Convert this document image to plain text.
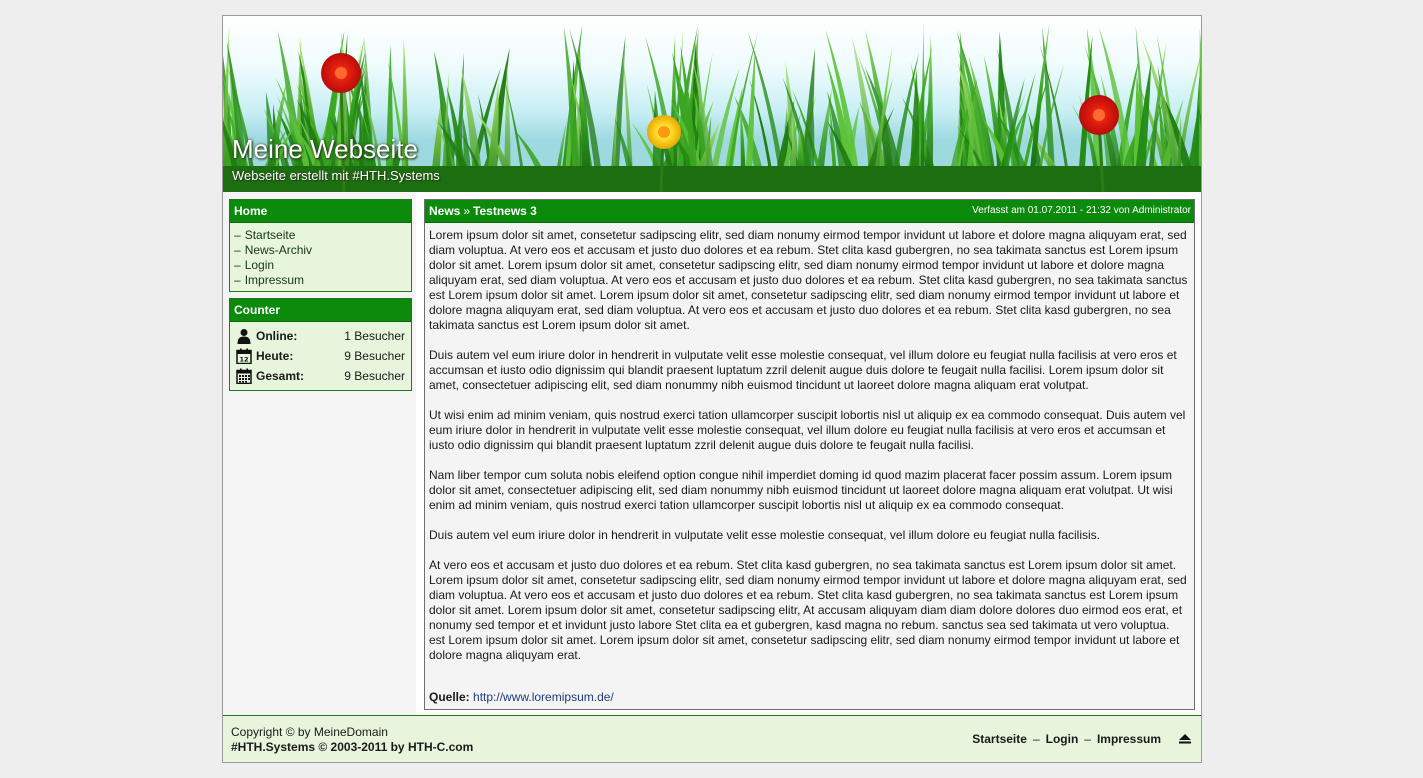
Meine Webseite
Webseite erstellt mit #HTH.Systems
Home
– Startseite
– News-Archiv
– Login
– Impressum
Counter
Online:	1 Besucher
12 Heute:	9 Besucher
Gesamt:	9 Besucher
News » Testnews 3	Verfasst am 01.07.2011 - 21:32 von Administrator

Lorem ipsum dolor sit amet, consetetur sadipscing elitr, sed diam nonumy eirmod tempor invidunt ut labore et dolore magna aliquyam erat, sed diam voluptua. At vero eos et accusam et justo duo dolores et ea rebum. Stet clita kasd gubergren, no sea takimata sanctus est Lorem ipsum dolor sit amet. Lorem ipsum dolor sit amet, consetetur sadipscing elitr, sed diam nonumy eirmod tempor invidunt ut labore et dolore magna aliquyam erat, sed diam voluptua. At vero eos et accusam et justo duo dolores et ea rebum. Stet clita kasd gubergren, no sea takimata sanctus est Lorem ipsum dolor sit amet. Lorem ipsum dolor sit amet, consetetur sadipscing elitr, sed diam nonumy eirmod tempor invidunt ut labore et dolore magna aliquyam erat, sed diam voluptua. At vero eos et accusam et justo duo dolores et ea rebum. Stet clita kasd gubergren, no sea takimata sanctus est Lorem ipsum dolor sit amet.

Duis autem vel eum iriure dolor in hendrerit in vulputate velit esse molestie consequat, vel illum dolore eu feugiat nulla facilisis at vero eros et accumsan et iusto odio dignissim qui blandit praesent luptatum zzril delenit augue duis dolore te feugait nulla facilisi. Lorem ipsum dolor sit amet, consectetuer adipiscing elit, sed diam nonummy nibh euismod tincidunt ut laoreet dolore magna aliquam erat volutpat.

Ut wisi enim ad minim veniam, quis nostrud exerci tation ullamcorper suscipit lobortis nisl ut aliquip ex ea commodo consequat. Duis autem vel eum iriure dolor in hendrerit in vulputate velit esse molestie consequat, vel illum dolore eu feugiat nulla facilisis at vero eros et accumsan et iusto odio dignissim qui blandit praesent luptatum zzril delenit augue duis dolore te feugait nulla facilisi.

Nam liber tempor cum soluta nobis eleifend option congue nihil imperdiet doming id quod mazim placerat facer possim assum. Lorem ipsum dolor sit amet, consectetuer adipiscing elit, sed diam nonummy nibh euismod tincidunt ut laoreet dolore magna aliquam erat volutpat. Ut wisi enim ad minim veniam, quis nostrud exerci tation ullamcorper suscipit lobortis nisl ut aliquip ex ea commodo consequat.

Duis autem vel eum iriure dolor in hendrerit in vulputate velit esse molestie consequat, vel illum dolore eu feugiat nulla facilisis.

At vero eos et accusam et justo duo dolores et ea rebum. Stet clita kasd gubergren, no sea takimata sanctus est Lorem ipsum dolor sit amet. Lorem ipsum dolor sit amet, consetetur sadipscing elitr, sed diam nonumy eirmod tempor invidunt ut labore et dolore magna aliquyam erat, sed diam voluptua. At vero eos et accusam et justo duo dolores et ea rebum. Stet clita kasd gubergren, no sea takimata sanctus est Lorem ipsum dolor sit amet. Lorem ipsum dolor sit amet, consetetur sadipscing elitr, At accusam aliquyam diam diam dolore dolores duo eirmod eos erat, et nonumy sed tempor et et invidunt justo labore Stet clita ea et gubergren, kasd magna no rebum. sanctus sea sed takimata ut vero voluptua. est Lorem ipsum dolor sit amet. Lorem ipsum dolor sit amet, consetetur sadipscing elitr, sed diam nonumy eirmod tempor invidunt ut labore et dolore magna aliquyam erat.

Quelle: http://www.loremipsum.de/
Copyright © by MeineDomain
#HTH.Systems © 2003-2011 by HTH-C.com
Startseite – Login – Impressum
